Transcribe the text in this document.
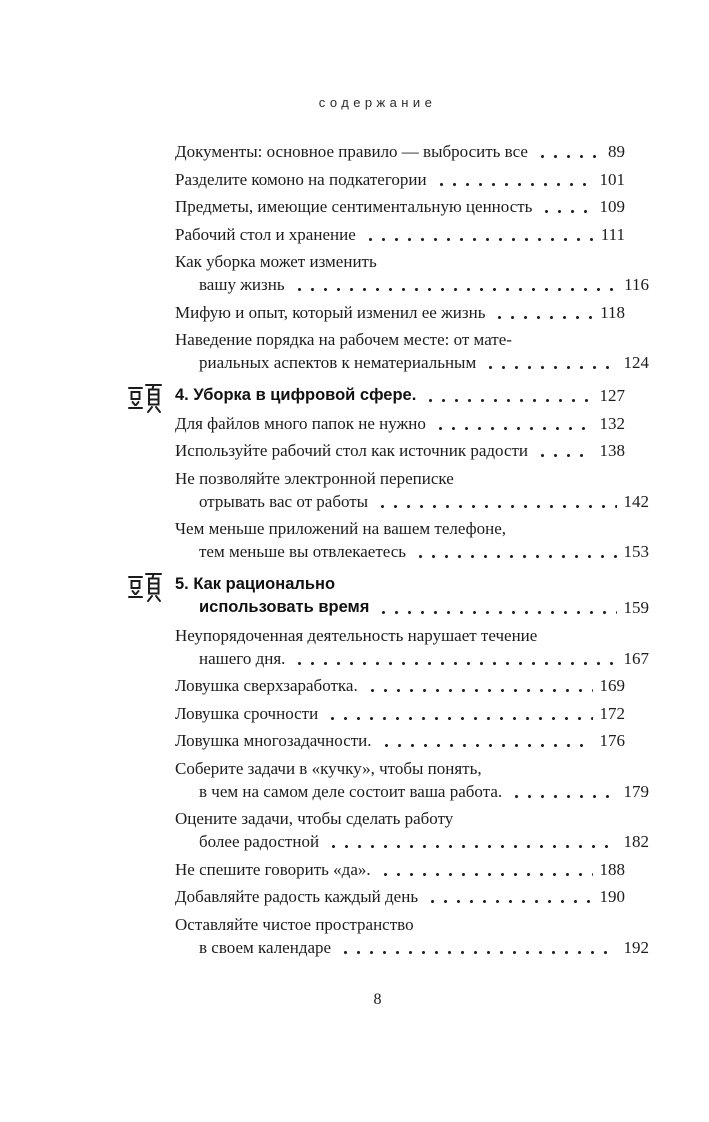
содержание
Документы: основное правило — выбросить все	89
Разделите комоно на подкатегории	101
Предметы, имеющие сентиментальную ценность	109
Рабочий стол и хранение	111
Как уборка может изменить
вашу жизнь	116
Мифую и опыт, который изменил ее жизнь	118
Наведение порядка на рабочем месте: от мате-
риальных аспектов к нематериальным	124
4. Уборка в цифровой сфере.	127
Для файлов много папок не нужно	132
Используйте рабочий стол как источник радости	138
Не позволяйте электронной переписке
отрывать вас от работы	142
Чем меньше приложений на вашем телефоне,
тем меньше вы отвлекаетесь	153
5. Как рационально
использовать время	159
Неупорядоченная деятельность нарушает течение
нашего дня.	167
Ловушка сверхзаработка.	169
Ловушка срочности	172
Ловушка многозадачности.	176
Соберите задачи в «кучку», чтобы понять,
в чем на самом деле состоит ваша работа.	179
Оцените задачи, чтобы сделать работу
более радостной	182
Не спешите говорить «да».	188
Добавляйте радость каждый день	190
Оставляйте чистое пространство
в своем календаре	192
8
